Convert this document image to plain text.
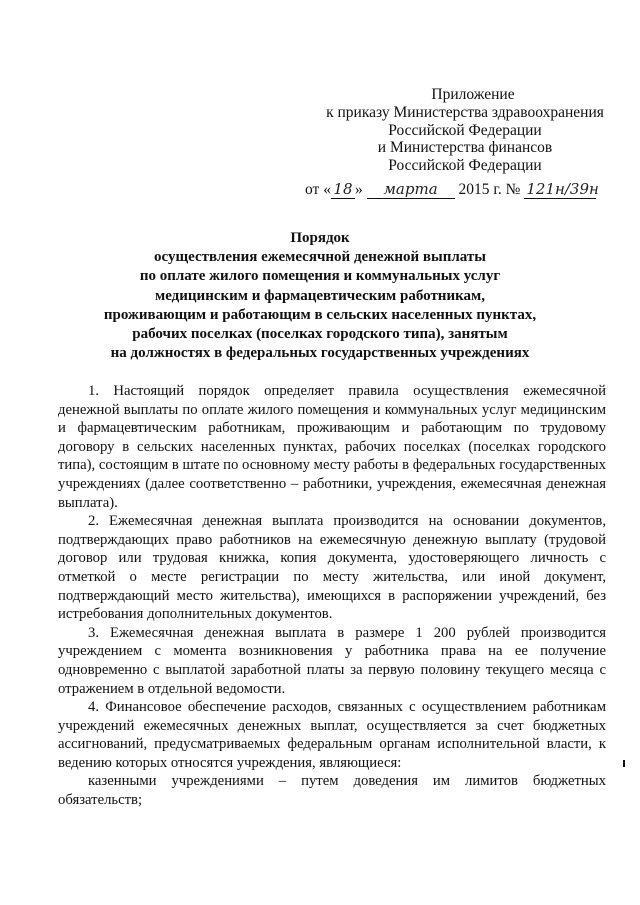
Приложение
к приказу Министерства здравоохранения
Российской Федерации
и Министерства финансов
Российской Федерации
от « 18 » марта 2015 г. № 121н/39н
Порядок
осуществления ежемесячной денежной выплаты
по оплате жилого помещения и коммунальных услуг
медицинским и фармацевтическим работникам,
проживающим и работающим в сельских населенных пунктах,
рабочих поселках (поселках городского типа), занятым
на должностях в федеральных государственных учреждениях

1. Настоящий порядок определяет правила осуществления ежемесячной денежной выплаты по оплате жилого помещения и коммунальных услуг медицинским и фармацевтическим работникам, проживающим и работающим по трудовому договору в сельских населенных пунктах, рабочих поселках (поселках городского типа), состоящим в штате по основному месту работы в федеральных государственных учреждениях (далее соответственно – работники, учреждения, ежемесячная денежная выплата).

2. Ежемесячная денежная выплата производится на основании документов, подтверждающих право работников на ежемесячную денежную выплату (трудовой договор или трудовая книжка, копия документа, удостоверяющего личность с отметкой о месте регистрации по месту жительства, или иной документ, подтверждающий место жительства), имеющихся в распоряжении учреждений, без истребования дополнительных документов.

3. Ежемесячная денежная выплата в размере 1 200 рублей производится учреждением с момента возникновения у работника права на ее получение одновременно с выплатой заработной платы за первую половину текущего месяца с отражением в отдельной ведомости.

4. Финансовое обеспечение расходов, связанных с осуществлением работникам учреждений ежемесячных денежных выплат, осуществляется за счет бюджетных ассигнований, предусматриваемых федеральным органам исполнительной власти, к ведению которых относятся учреждения, являющиеся:

казенными учреждениями – путем доведения им лимитов бюджетных обязательств;
